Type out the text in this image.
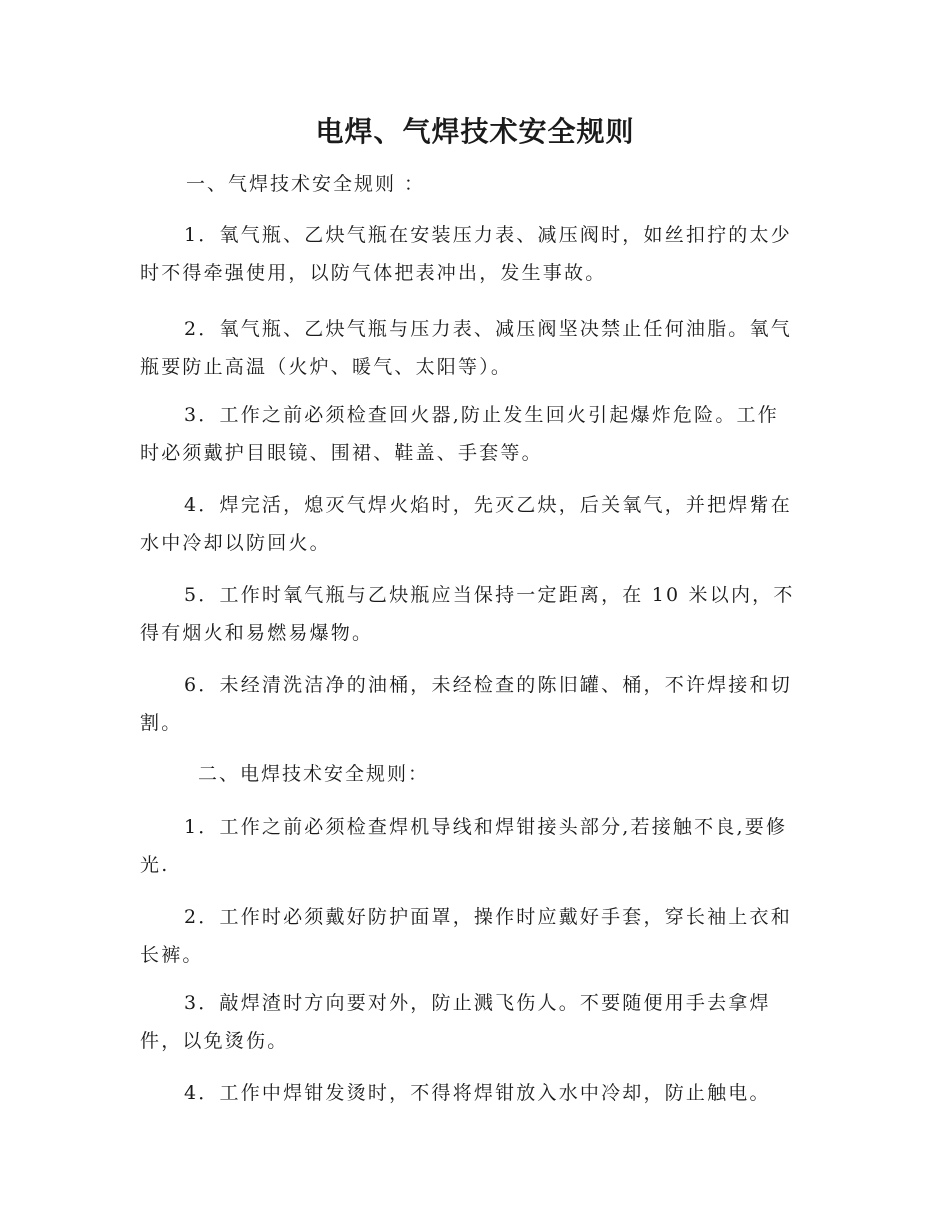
电焊、气焊技术安全规则
一、气焊技术安全规则 ：
1．氧气瓶、乙炔气瓶在安装压力表、减压阀时，如丝扣拧的太少
时不得牵强使用，以防气体把表冲出，发生事故。
2．氧气瓶、乙炔气瓶与压力表、减压阀坚决禁止任何油脂。氧气
瓶要防止高温（火炉、暖气、太阳等）。
3．工作之前必须检查回火器,防止发生回火引起爆炸危险。工作
时必须戴护目眼镜、围裙、鞋盖、手套等。
4．焊完活，熄灭气焊火焰时，先灭乙炔，后关氧气，并把焊觜在
水中冷却以防回火。
5．工作时氧气瓶与乙炔瓶应当保持一定距离，在 10 米以内，不
得有烟火和易燃易爆物。
6．未经清洗洁净的油桶，未经检查的陈旧罐、桶，不许焊接和切
割。
二、电焊技术安全规则：
1．工作之前必须检查焊机导线和焊钳接头部分,若接触不良,要修
光.
2．工作时必须戴好防护面罩，操作时应戴好手套，穿长袖上衣和
长裤。
3．敲焊渣时方向要对外，防止溅飞伤人。不要随便用手去拿焊
件，以免烫伤。
4．工作中焊钳发烫时，不得将焊钳放入水中冷却，防止触电。
